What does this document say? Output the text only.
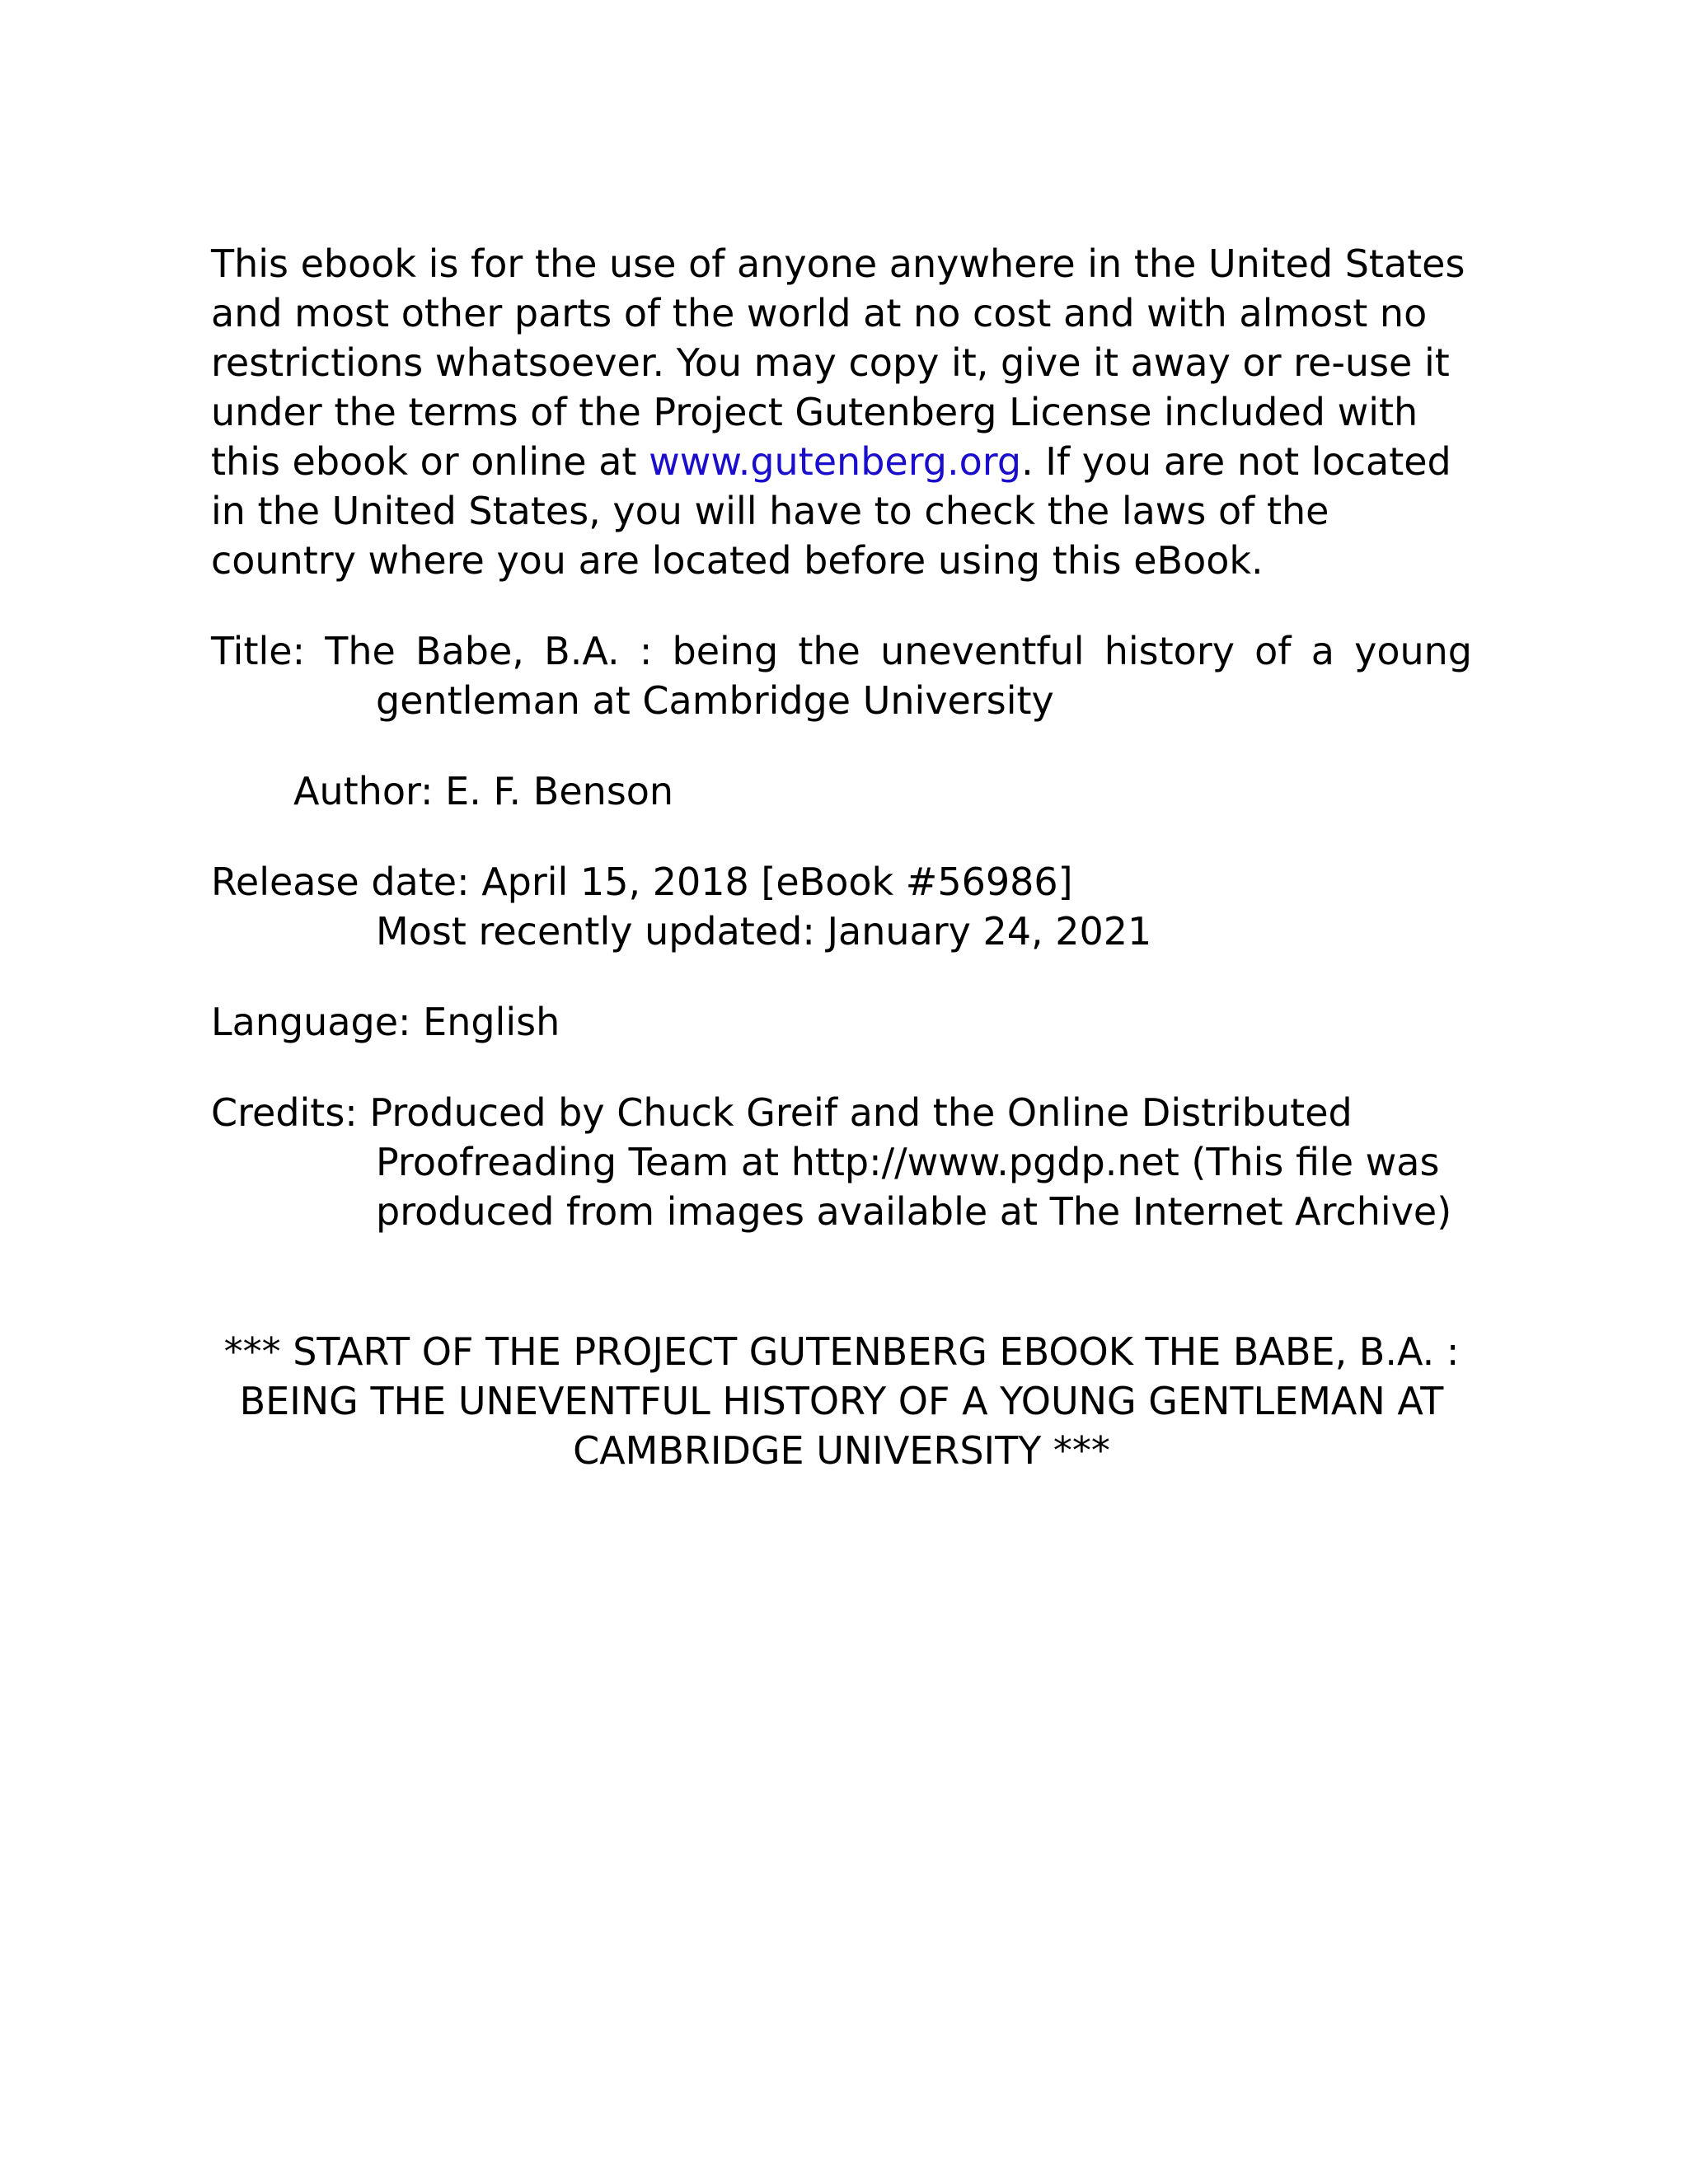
This ebook is for the use of anyone anywhere in the United States and most other parts of the world at no cost and with almost no restrictions whatsoever. You may copy it, give it away or re-use it under the terms of the Project Gutenberg License included with this ebook or online at www.gutenberg.org. If you are not located in the United States, you will have to check the laws of the country where you are located before using this eBook.

Title: The Babe, B.A. : being the uneventful history of a young
gentleman at Cambridge University
Author: E. F. Benson
Release date: April 15, 2018 [eBook #56986]
Most recently updated: January 24, 2021
Language: English
Credits: Produced by Chuck Greif and the Online Distributed
Proofreading Team at http://www.pgdp.net (This file was
produced from images available at The Internet Archive)
*** START OF THE PROJECT GUTENBERG EBOOK THE BABE, B.A. :
BEING THE UNEVENTFUL HISTORY OF A YOUNG GENTLEMAN AT
CAMBRIDGE UNIVERSITY ***
